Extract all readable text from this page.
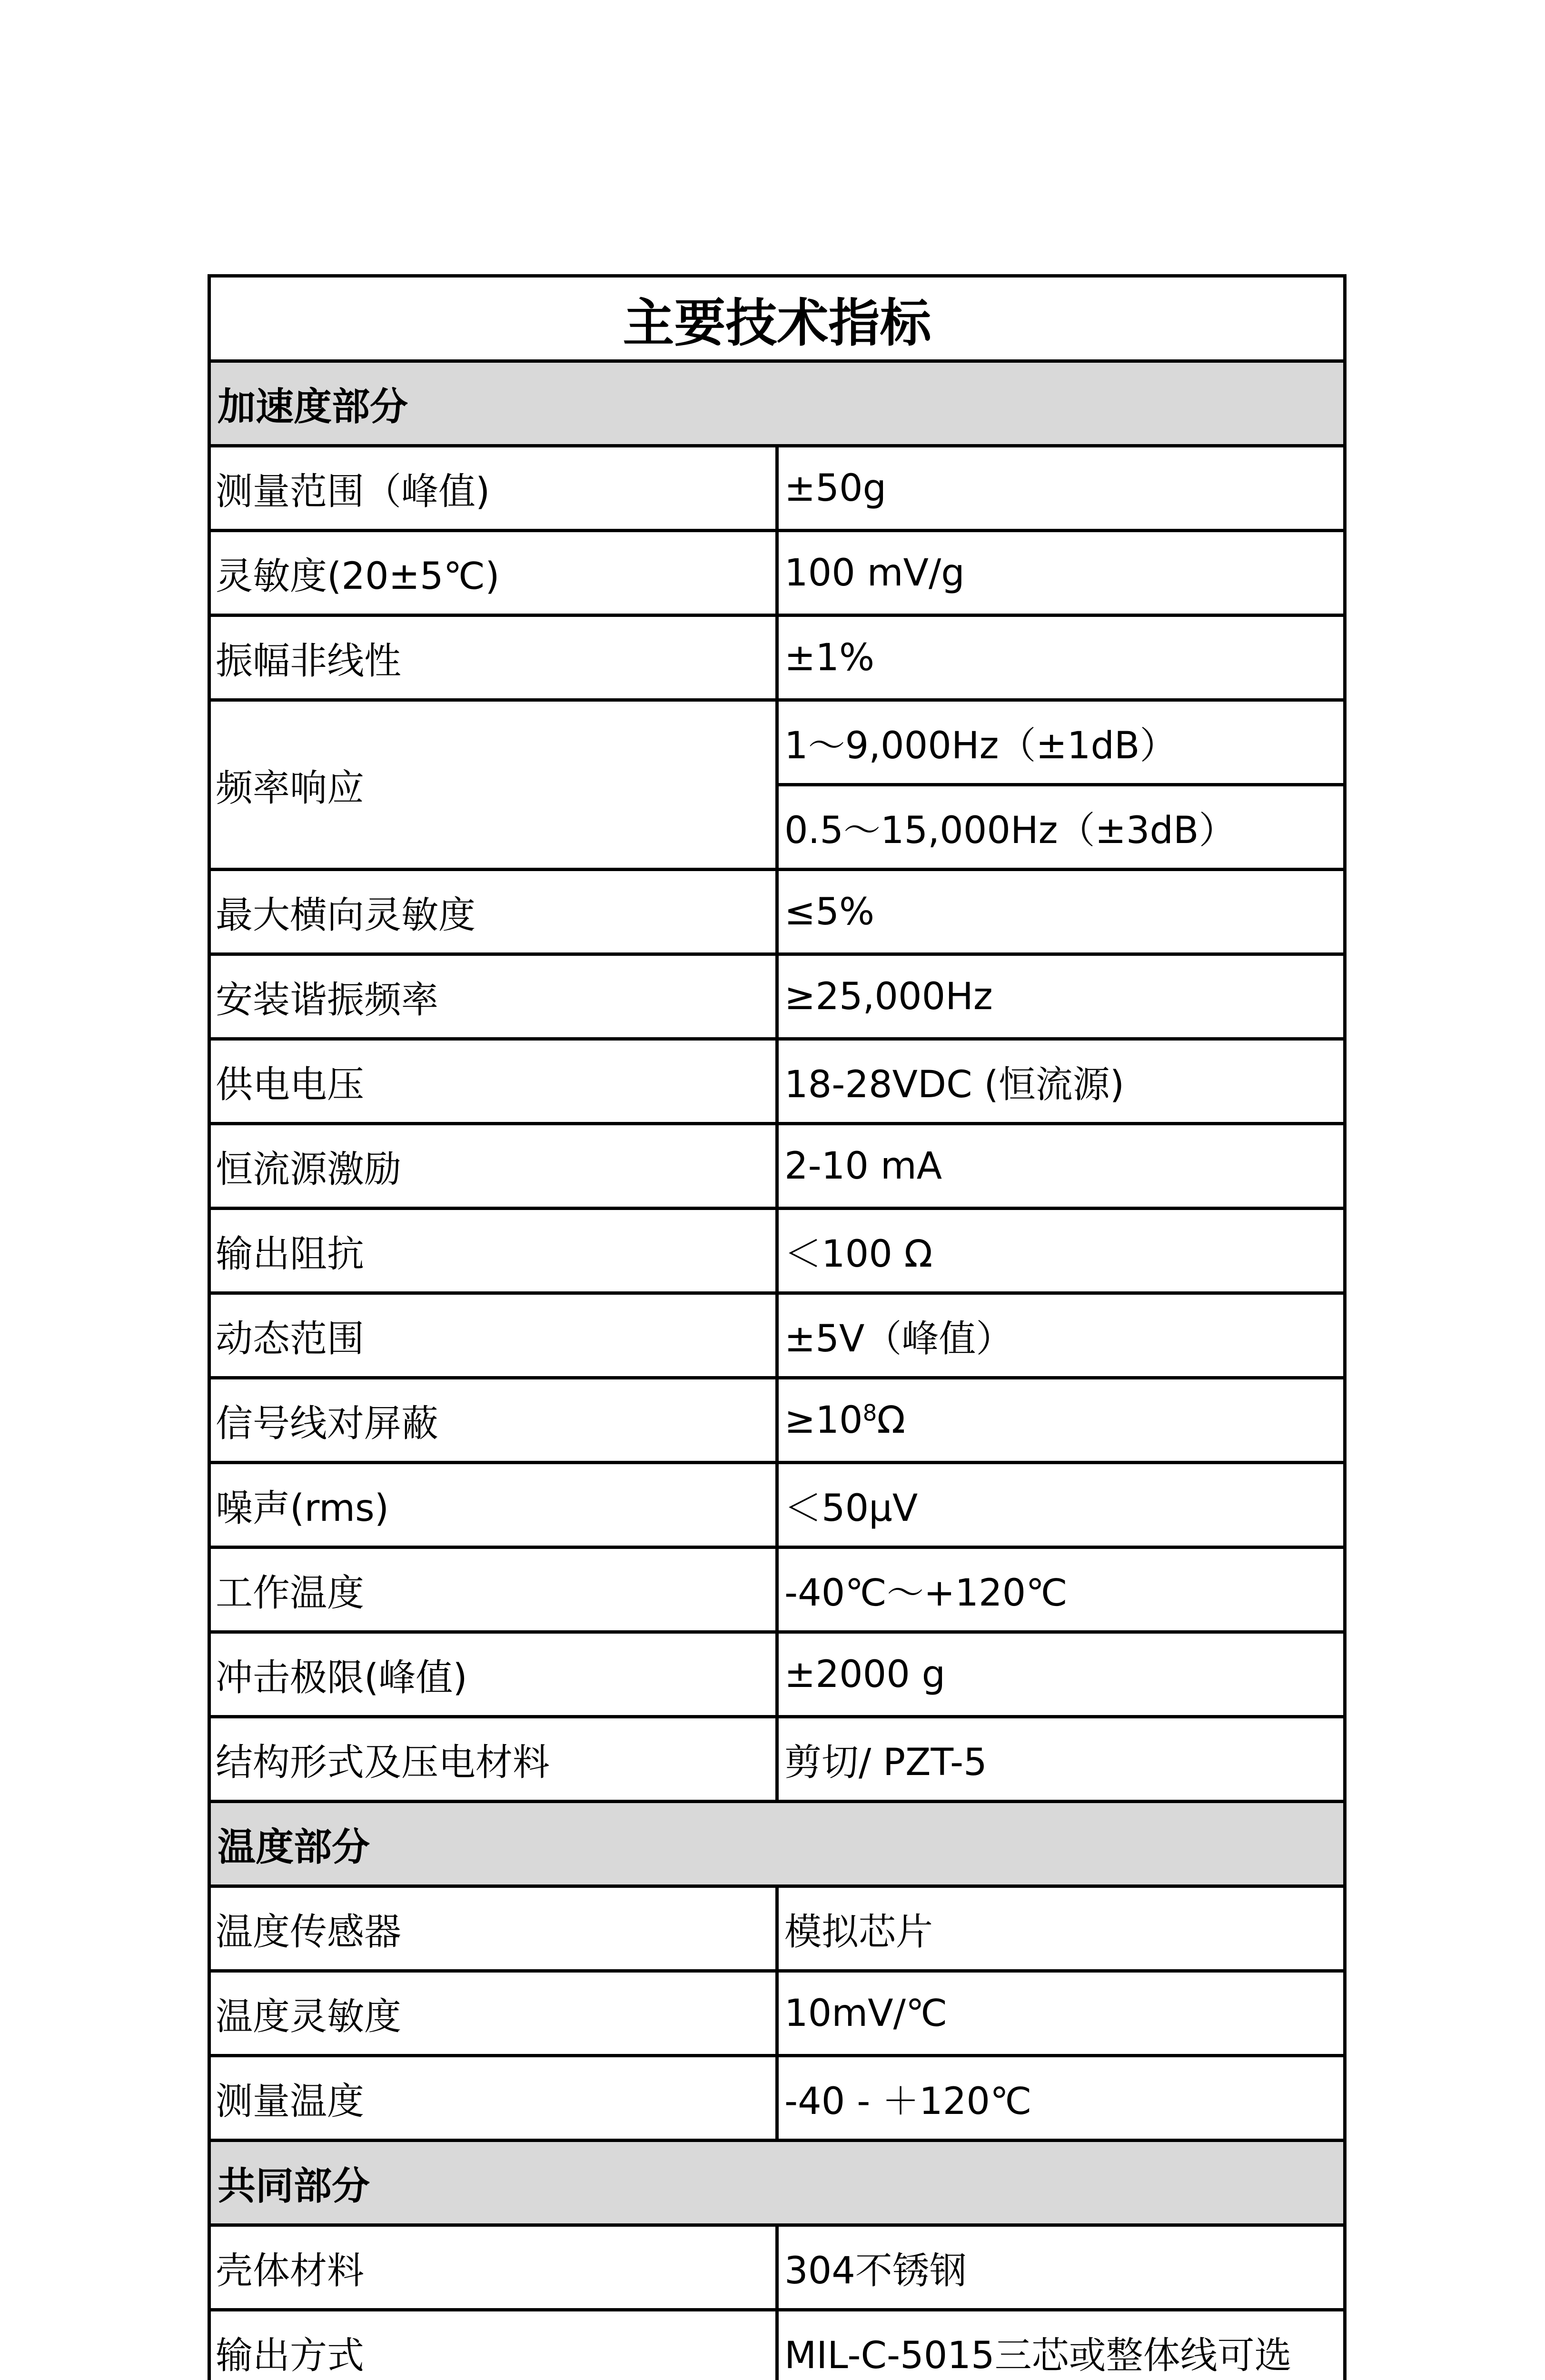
主要技术指标	
加速度部分	
测量范围（峰值)	±50g
灵敏度(20±5℃)	100 mV/g
振幅非线性	±1%
频率响应	1～9,000Hz（±1dB）
	0.5～15,000Hz（±3dB）
最大横向灵敏度	≤5%
安装谐振频率	≥25,000Hz
供电电压	18-28VDC (恒流源)
恒流源激励	2-10 mA
输出阻抗	＜100 Ω
动态范围	±5V（峰值）
信号线对屏蔽	$\ge 10^8\Omega$
噪声(rms)	＜50μV
工作温度	-40℃～+120℃
冲击极限(峰值)	±2000 g
结构形式及压电材料	剪切/ PZT-5
温度部分	
温度传感器	模拟芯片
温度灵敏度	10mV/℃
测量温度	-40 - ＋120℃
共同部分	
壳体材料	304不锈钢
输出方式	MIL-C-5015三芯或整体线可选
